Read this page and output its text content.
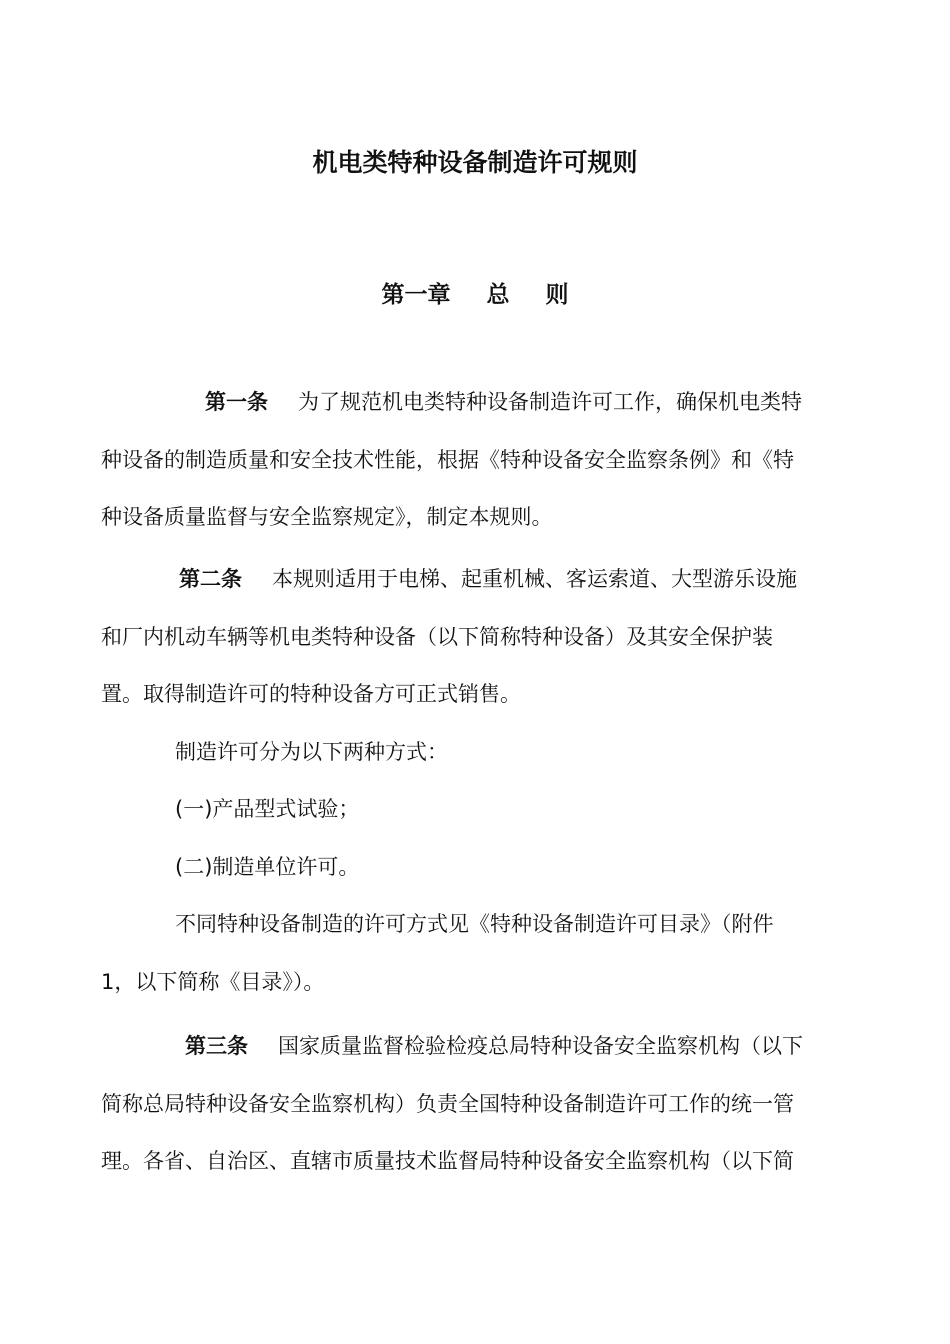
机电类特种设备制造许可规则
第一章 总 则
第一条 为了规范机电类特种设备制造许可工作，确保机电类特
种设备的制造质量和安全技术性能，根据《特种设备安全监察条例》和《特
种设备质量监督与安全监察规定》，制定本规则。
第二条 本规则适用于电梯、起重机械、客运索道、大型游乐设施
和厂内机动车辆等机电类特种设备（以下简称特种设备）及其安全保护装
置。取得制造许可的特种设备方可正式销售。
制造许可分为以下两种方式：
(一)产品型式试验；
(二)制造单位许可。
不同特种设备制造的许可方式见《特种设备制造许可目录》（附件
1，以下简称《目录》）。
第三条 国家质量监督检验检疫总局特种设备安全监察机构（以下
简称总局特种设备安全监察机构）负责全国特种设备制造许可工作的统一管
理。各省、自治区、直辖市质量技术监督局特种设备安全监察机构（以下简
